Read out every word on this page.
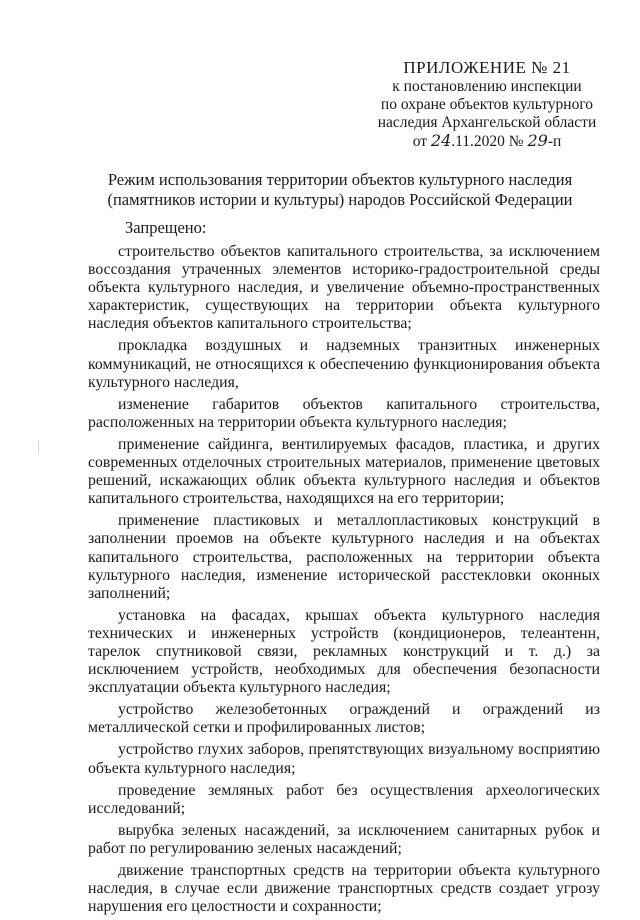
ПРИЛОЖЕНИЕ № 21
к постановлению инспекции
по охране объектов культурного
наследия Архангельской области
от 24.11.2020 № 29-п
Режим использования территории объектов культурного наследия
(памятников истории и культуры) народов Российской Федерации
Запрещено:

строительство объектов капитального строительства, за исключением воссоздания утраченных элементов историко-градостроительной среды объекта культурного наследия, и увеличение объемно-пространственных характеристик, существующих на территории объекта культурного наследия объектов капитального строительства;

прокладка воздушных и надземных транзитных инженерных коммуникаций, не относящихся к обеспечению функционирования объекта культурного наследия,

изменение габаритов объектов капитального строительства, расположенных на территории объекта культурного наследия;

применение сайдинга, вентилируемых фасадов, пластика, и других современных отделочных строительных материалов, применение цветовых решений, искажающих облик объекта культурного наследия и объектов капитального строительства, находящихся на его территории;

применение пластиковых и металлопластиковых конструкций в заполнении проемов на объекте культурного наследия и на объектах капитального строительства, расположенных на территории объекта культурного наследия, изменение исторической расстекловки оконных заполнений;

установка на фасадах, крышах объекта культурного наследия технических и инженерных устройств (кондиционеров, телеантенн, тарелок спутниковой связи, рекламных конструкций и т. д.) за исключением устройств, необходимых для обеспечения безопасности эксплуатации объекта культурного наследия;

устройство железобетонных ограждений и ограждений из металлической сетки и профилированных листов;

устройство глухих заборов, препятствующих визуальному восприятию объекта культурного наследия;

проведение земляных работ без осуществления археологических исследований;

вырубка зеленых насаждений, за исключением санитарных рубок и работ по регулированию зеленых насаждений;

движение транспортных средств на территории объекта культурного наследия, в случае если движение транспортных средств создает угрозу нарушения его целостности и сохранности;
